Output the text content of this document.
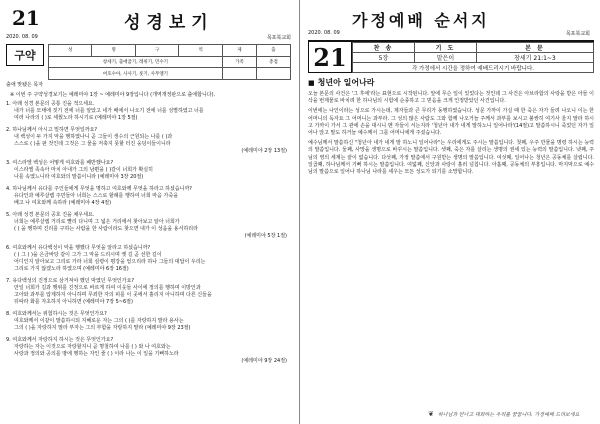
21	성경보기
2020. 08. 09	목포북교회
구약	성	명	구	역	제	출
창세기, 출애굽기, 레위기, 민수기				가족	총점
여호수아, 사사기, 룻기, 사무엘기					
출애 맞됐은 목자
※ 이번 주 구약성경보기는 예레미야 1장 ~ 예레미야 9장입니다 (개역개정판으로 출애합니다).
1. 아래 성경 본문의 공통 진을 적으세요.
내가 너를 모태에 짓기 전에 너를 알았고 네가 배에서 나오기 전에 너를 성별하였고 너를
여러 나라의 ( )로 세웠노라 하시기로 (예레미야 1장 5절)
2. 하나님께서 아시고 밀하면 무엇일까요?
내 백성이 두 가지 악을 행하였나니 곧 그들이 생수의 근원되는 나를 ( )과
스스로 ( )을 판 것인데 그것은 그 물을 저축지 못할 터진 웅덩이들이니라
(예레미야 2장 13절)
3. 여스라엘 백성은 어떻게 여호와를 배반했나요?
이스라엘 족속아 마치 아내가 그의 남편을 ( )갈이 너희가 확실히
나를 속였느니라 여호와의 말씀이니라 (예레미야 3장 20절)
4. 하나님께서 유다를 주인들에게 무엇을 명하고 여호와께 무엇을 하라고 하셨습니까?
유다인과 예루살렘 주민들아 너희는 스스로 할례를 행하여 너희 마음 가죽을
베고 나 여호와께 속하라 (예레미야 4장 4절)
5. 아래 성경 본문의 공호 진을 채우세요.
너희는 예루살렘 거리로 빨리 다니며 그 넓은 거리에서 찾아보고 알아 너희가
( ) 을 행하며 진리를 구하는 사람을 한 사람이라도 찾으면 내가 이 성읍을 용서하리라
(예레미야 5장 1절)
6. 여호와께서 유다백성이 악을 행했다 무엇을 알라고 하셨습니까?
( ) 그 ( )을 은금바탕 같이 그가 그 악을 드리시며 옛 길 곧 선한 길이
어디인지 알아보고 그리로 가라 너희 심령이 평강을 얻으리라 하나 그들의 대답이 우리는
그리로 가지 않겠노라 하였으며 (예레미야 6장 16절)
7. 유다백성의 진정으로 삼거져야 했던 막였던 무엇인가요?
만일 너희가 길과 행위를 진정으로 바르게 하여 이웃들 사이에 정의를 행하며 이방인과
고아와 과부를 압제하지 아니하며 무죄한 자의 피를 이 곳에서 흘리지 아니하며 다른 신들을
뒤따라 화를 자초하지 아니하면 (예레미야 7장 5~6절)
8. 여호와께서는 위험하시는 것은 무엇인가요?
여호와께서 이같이 말씀하시되 지혜로운 자는 그의 ( )를 자랑하지 말라 용사는
그의 ( )을 자랑하지 말라 부자는 그의 부함을 자랑하지 말라 (예레미야 9장 23절)
9. 여호와께서 자랑하지 하시는 것은 무엇인가요?
자랑하는 자는 이것으로 자랑할지니 곧 명철하여 나를 ( ) 와 나 여호와는
사랑과 정의와 공의를 땅에 행하는 자인 줄 ( ) 이라 나는 이 일을 기뻐하노라
(예레미야 9장 24절)
2020. 08. 09
가정예배 순서지
목포북교회
21	찬 송	기 도	본 문
5장	맡은이	창세기 21:1~3
각 가정에서 시간을 정하여 예배드리시기 바랍니다.		
■ 청년아 일어나라

오늘 본문의 사건은 '그 후에'라는 표현으로 시작된니다. 앞에 무슨 일이 있었다는 것인데 그 사건은 아브라함의 사랑을 받은 아들 이삭을 번제물로 바치려 한 하나님의 시험에 순종하고 그 믿음을 크게 인정받았던 사건입니다.

이번에는 나인이라는 성으로 가시는데, 제자들과 큰 무리가 동행하였습니다. 성문 가까이 가실 때 한 죽은 자가 들려 나오니 이는 한 어머니의 독자요 그 어머니는 과부라. 그 성의 많은 사람도 그와 함께 나오거늘 주께서 과부를 보시고 불쌍히 여기사 울지 말라 하시고 가까이 가서 그 관에 손을 대시니 멘 자들이 서는지라 '청년아 내가 네게 말하노니 일어나라'(14절)고 말씀하시니 죽었던 자가 일어나 앉고 말도 하거늘 예수께서 그를 어머니에게 주셨습니다.

예수님께서 말씀하신 "청년아 내가 네게 말 하노니 일어나라"는 우리에게도 주시는 말씀입니다. 첫째, 우주 만물을 명령 하시는 능력의 말씀입니다. 둘째, 사망을 생명으로 바꾸시는 말씀입니다. 셋째, 죽은 자를 살리는 생명의 권세 있는 능력의 말씀입니다. 넷째, 주님의 영의 세계는 끝이 없습니다. 다섯째, 가정 말씀에서 구원받는 생명의 말씀입니다. 여섯째, 일어나는 청년은 공동체를 살립니다. 일곱째, 하나님께서 기뻐 하시는 말씀입니다. 여덟째, 신앙과 사랑이 흘러 넘칩니다. 아홉째, 공동체의 부흥입니다. 마지막으로 예수님의 말씀으로 일어나 하나님 나라를 세우는 모든 성도가 되기를 소망합니다.

❦ 하나님과 만나고 대화하는 우리를 꿈꿉니다. 가정예배 드려보세요
